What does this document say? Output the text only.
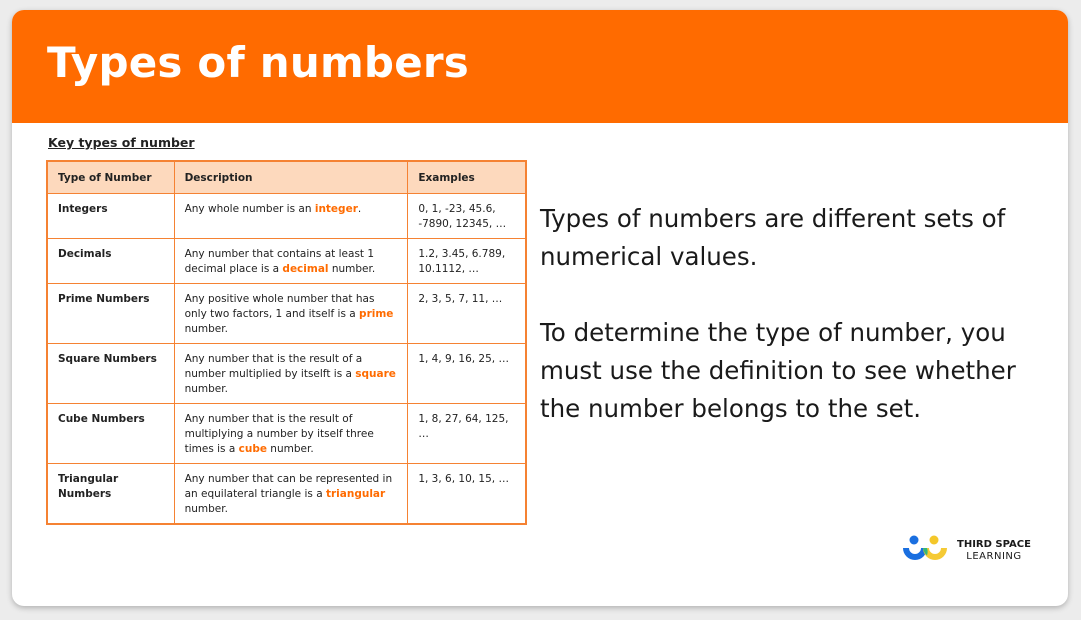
Types of numbers
Key types of number
Type of Number	Description	Examples
Integers	Any whole number is an integer.	0, 1, -23, 45.6, -7890, 12345, …
Decimals	Any number that contains at least 1 decimal place is a decimal number.	1.2, 3.45, 6.789, 10.1112, …
Prime Numbers	Any positive whole number that has only two factors, 1 and itself is a prime number.	2, 3, 5, 7, 11, …
Square Numbers	Any number that is the result of a number multiplied by itselft is a square number.	1, 4, 9, 16, 25, …
Cube Numbers	Any number that is the result of multiplying a number by itself three times is a cube number.	1, 8, 27, 64, 125, …
Triangular Numbers	Any number that can be represented in an equilateral triangle is a triangular number.	1, 3, 6, 10, 15, …

Types of numbers are different sets of numerical values.

To determine the type of number, you must use the definition to see whether the number belongs to the set.

THIRD SPACE
LEARNING
